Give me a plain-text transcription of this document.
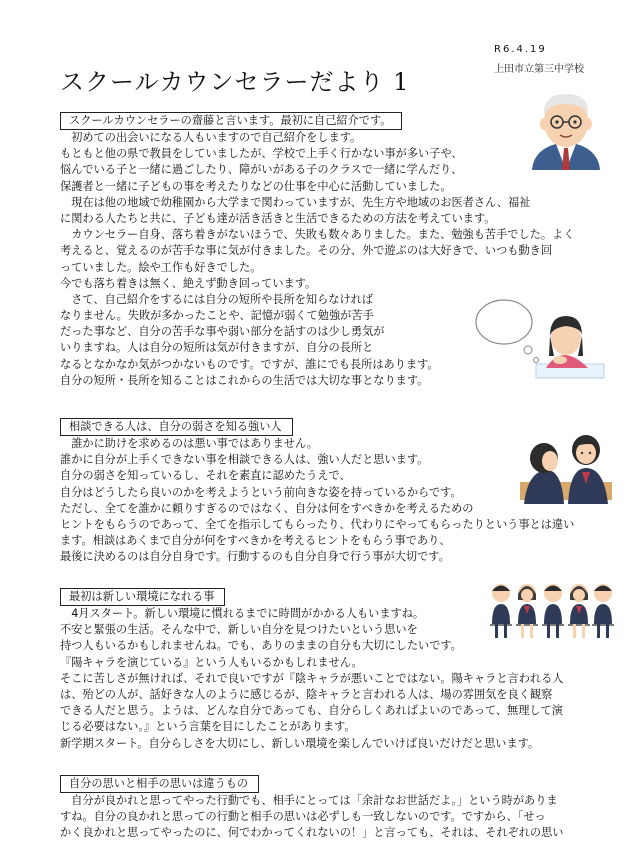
R6.4.19
上田市立第三中学校
スクールカウンセラーだより 1
スクールカウンセラーの齋藤と言います。最初に自己紹介です。
　初めての出会いになる人もいますので自己紹介をします。
もともと他の県で教員をしていましたが、学校で上手く行かない事が多い子や、
悩んでいる子と一緒に過ごしたり、障がいがある子のクラスで一緒に学んだり、
保護者と一緒に子どもの事を考えたりなどの仕事を中心に活動していました。
　現在は他の地域で幼稚園から大学まで関わっていますが、先生方や地域のお医者さん、福祉
に関わる人たちと共に、子ども達が活き活きと生活できるための方法を考えています。
　カウンセラー自身、落ち着きがないほうで、失敗も数々ありました。また、勉強も苦手でした。よく
考えると、覚えるのが苦手な事に気が付きました。その分、外で遊ぶのは大好きで、いつも動き回
っていました。絵や工作も好きでした。
今でも落ち着きは無く、絶えず動き回っています。
　さて、自己紹介をするには自分の短所や長所を知らなければ
なりません。失敗が多かったことや、記憶が弱くて勉強が苦手
だった事など、自分の苦手な事や弱い部分を話すのは少し勇気が
いりますね。人は自分の短所は気が付きますが、自分の長所と
なるとなかなか気がつかないものです。ですが、誰にでも長所はあります。
自分の短所・長所を知ることはこれからの生活では大切な事となります。
相談できる人は、自分の弱さを知る強い人
　誰かに助けを求めるのは悪い事ではありません。
誰かに自分が上手くできない事を相談できる人は、強い人だと思います。
自分の弱さを知っているし、それを素直に認めたうえで、
自分はどうしたら良いのかを考えようという前向きな姿を持っているからです。
ただし、全てを誰かに頼りすぎるのではなく、自分は何をすべきかを考えるための
ヒントをもらうのであって、全てを指示してもらったり、代わりにやってもらったりという事とは違い
ます。相談はあくまで自分が何をすべきかを考えるヒントをもらう事であり、
最後に決めるのは自分自身です。行動するのも自分自身で行う事が大切です。
最初は新しい環境になれる事
　4月スタート。新しい環境に慣れるまでに時間がかかる人もいますね。
不安と緊張の生活。そんな中で、新しい自分を見つけたいという思いを
持つ人もいるかもしれませんね。でも、ありのままの自分も大切にしたいです。
『陽キャラを演じている』という人もいるかもしれません。
そこに苦しさが無ければ、それで良いですが『陰キャラが悪いことではない。陽キャラと言われる人
は、殆どの人が、話好きな人のように感じるが、陰キャラと言われる人は、場の雰囲気を良く観察
できる人だと思う。ようは、どんな自分であっても、自分らしくあればよいのであって、無理して演
じる必要はない。』という言葉を目にしたことがあります。
新学期スタート。自分らしさを大切にし、新しい環境を楽しんでいけば良いだけだと思います。
自分の思いと相手の思いは違うもの
　自分が良かれと思ってやった行動でも、相手にとっては「余計なお世話だよ。」という時がありま
すね。自分の良かれと思っての行動と相手の思いは必ずしも一致しないのです。ですから、「せっ
かく良かれと思ってやったのに、何でわかってくれないの！」と言っても、それは、それぞれの思い
